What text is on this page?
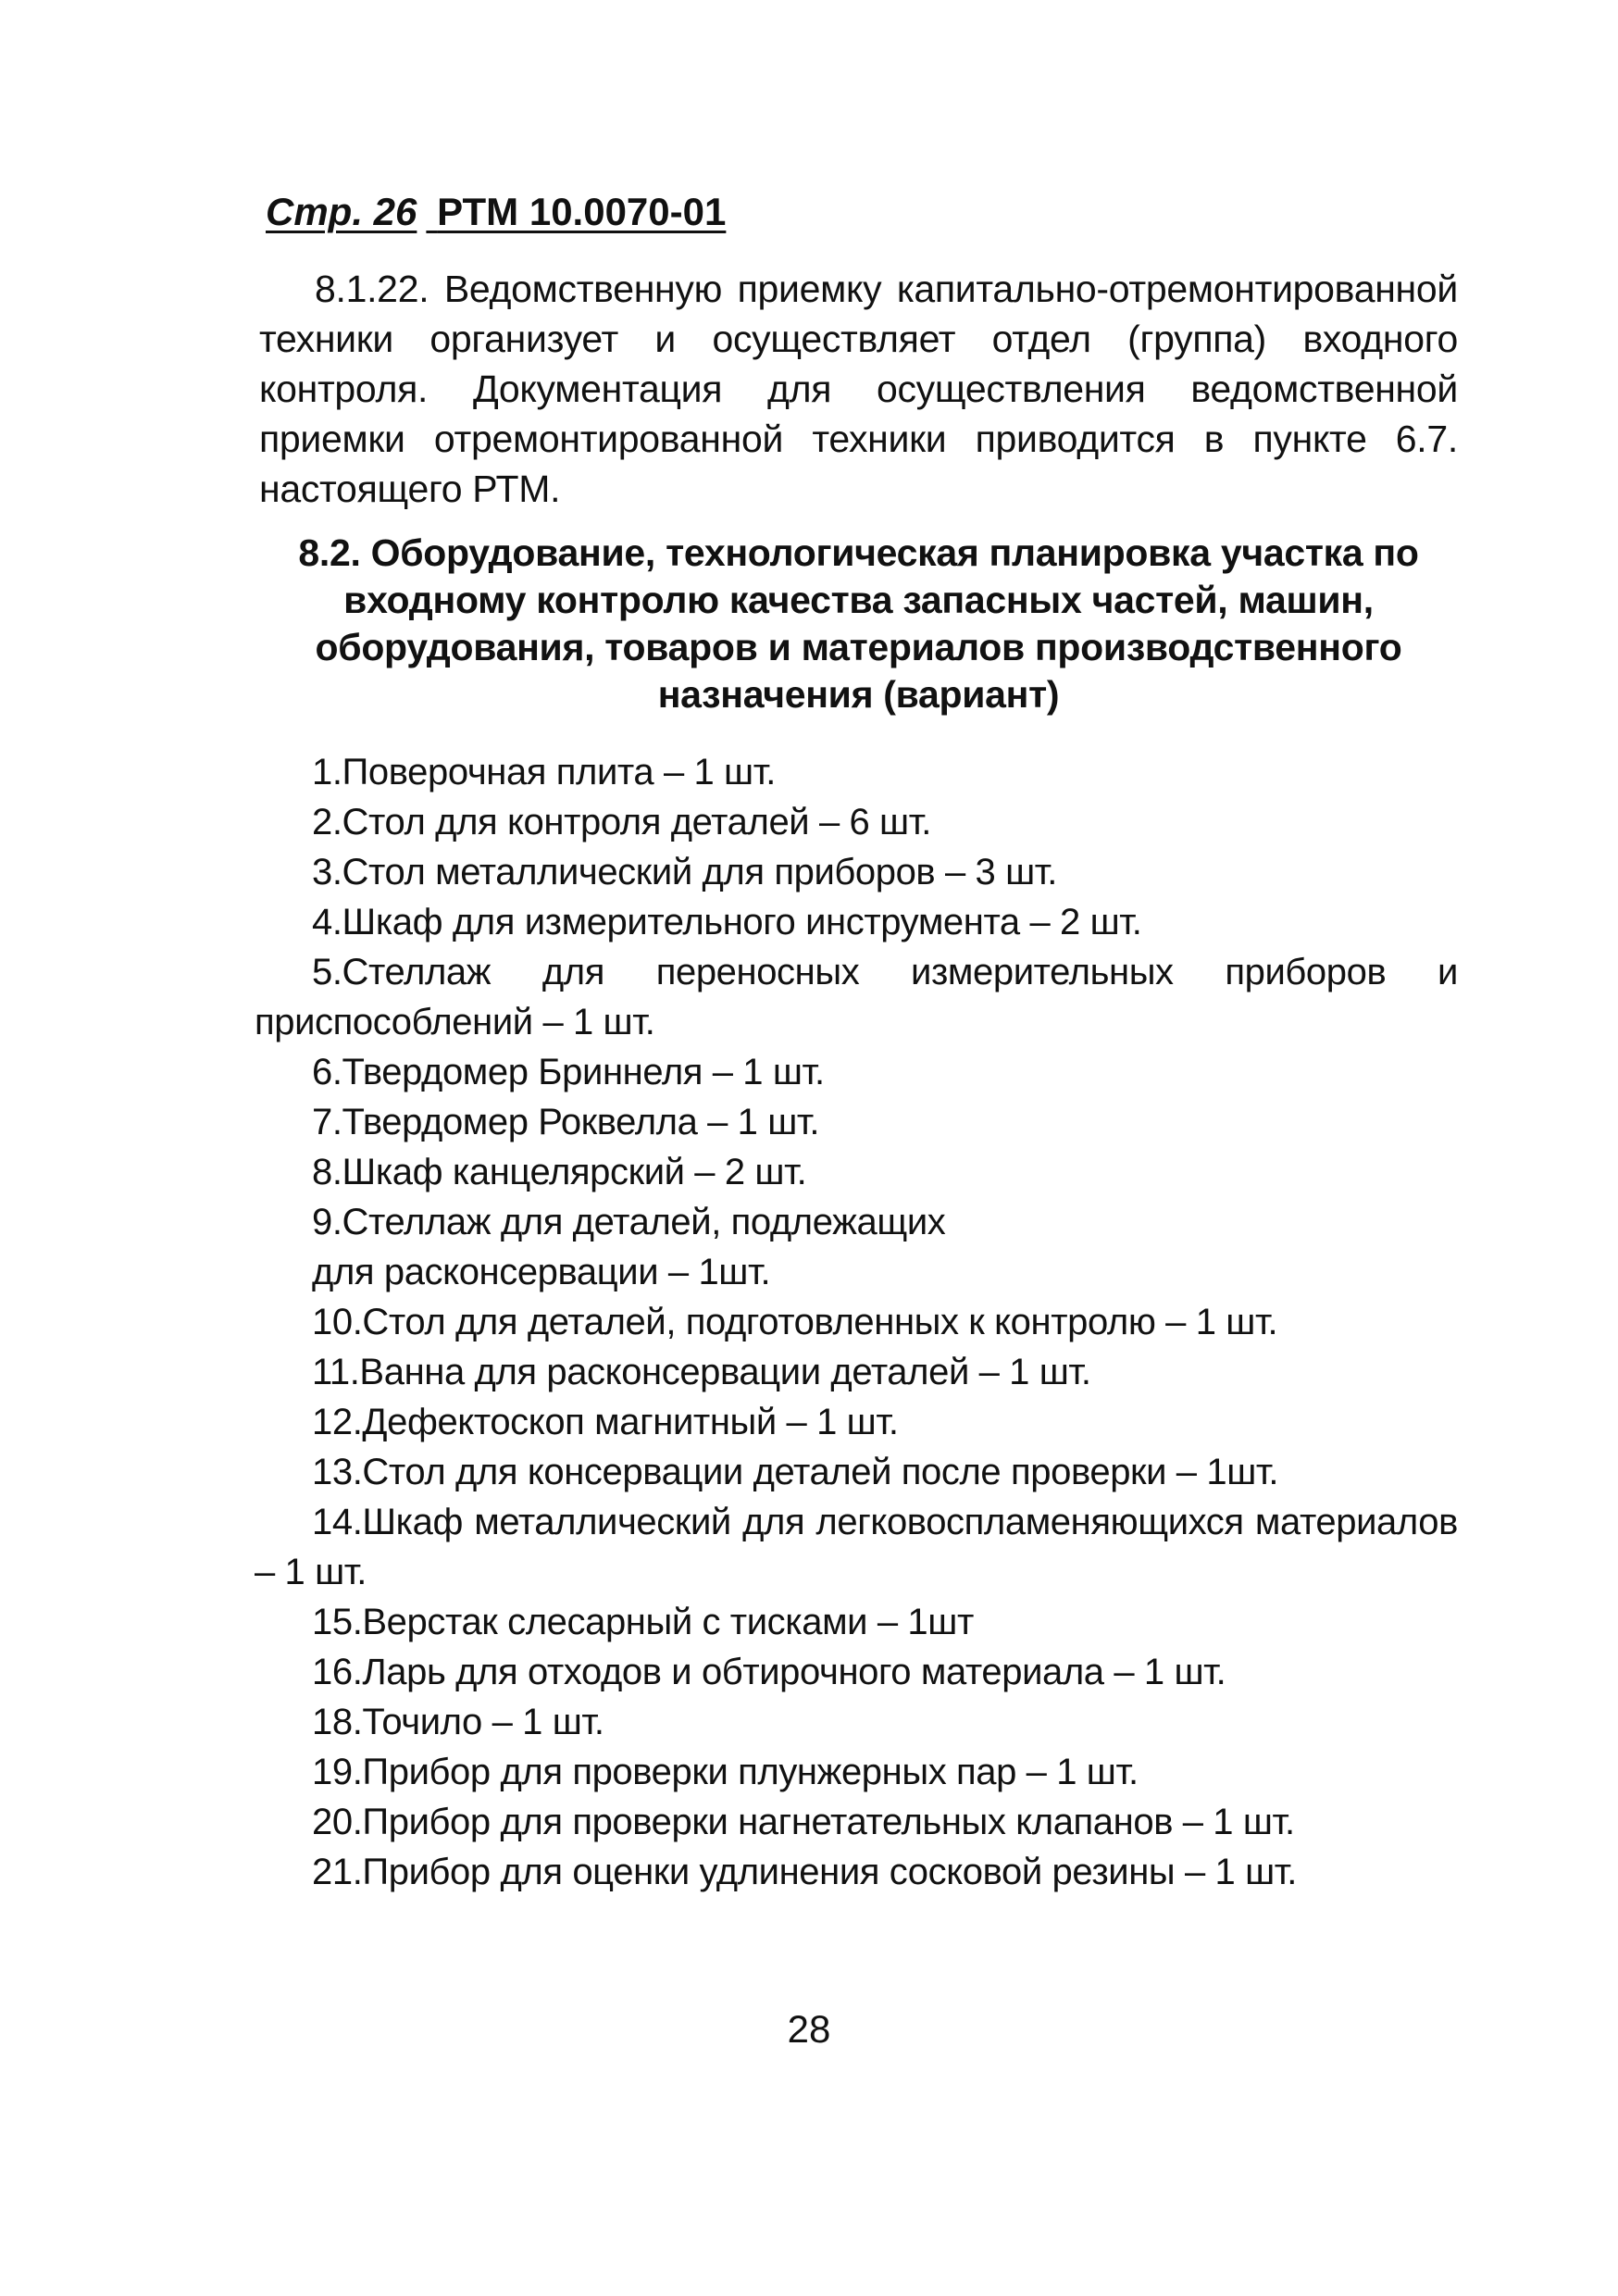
Стр. 26 РТМ 10.0070-01
8.1.22. Ведомственную приемку капитально-отремонтированной техники организует и осуществляет отдел (группа) входного контроля. Документация для осуществления ведомственной приемки отремонтированной техники приводится в пункте 6.7. настоящего РТМ.
8.2. Оборудование, технологическая планировка участка по входному контролю качества запасных частей, машин, оборудования, товаров и материалов производственного назначения (вариант)
1.Поверочная плита – 1 шт.
2.Стол для контроля деталей – 6 шт.
3.Стол металлический для приборов – 3 шт.
4.Шкаф для измерительного инструмента – 2 шт.
5.Стеллаж для переносных измерительных приборов и приспособлений – 1 шт.
6.Твердомер Бриннеля – 1 шт.
7.Твердомер Роквелла – 1 шт.
8.Шкаф канцелярский – 2 шт.
9.Стеллаж для деталей, подлежащих
для расконсервации – 1шт.
10.Стол для деталей, подготовленных к контролю – 1 шт.
11.Ванна для расконсервации деталей – 1 шт.
12.Дефектоскоп магнитный – 1 шт.
13.Стол для консервации деталей после проверки – 1шт.
14.Шкаф металлический для легковоспламеняющихся материалов – 1 шт.
15.Верстак слесарный с тисками – 1шт
16.Ларь для отходов и обтирочного материала – 1 шт.
18.Точило – 1 шт.
19.Прибор для проверки плунжерных пар – 1 шт.
20.Прибор для проверки нагнетательных клапанов – 1 шт.
21.Прибор для оценки удлинения сосковой резины – 1 шт.
28
